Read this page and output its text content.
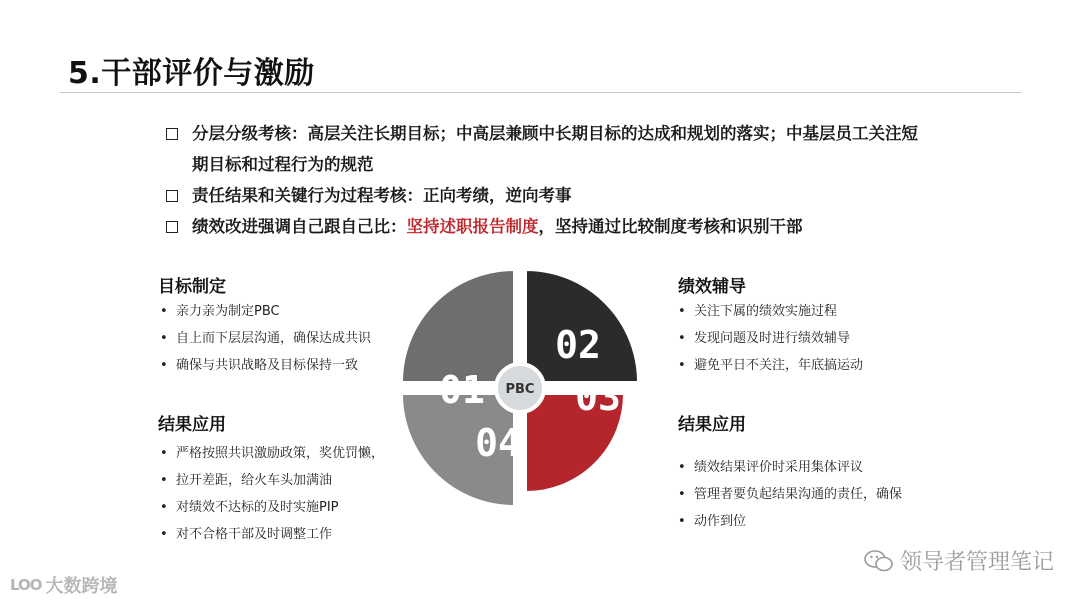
5.干部评价与激励
分层分级考核：高层关注长期目标；中高层兼顾中长期目标的达成和规划的落实；中基层员工关注短期目标和过程行为的规范
责任结果和关键行为过程考核：正向考绩，逆向考事
绩效改进强调自己跟自己比：坚持述职报告制度，坚持通过比较制度考核和识别干部
目标制定
• 亲力亲为制定PBC
• 自上而下层层沟通，确保达成共识
• 确保与共识战略及目标保持一致
结果应用
• 严格按照共识激励政策，奖优罚懒，
• 拉开差距，给火车头加满油
• 对绩效不达标的及时实施PIP
• 对不合格干部及时调整工作
绩效辅导
• 关注下属的绩效实施过程
• 发现问题及时进行绩效辅导
• 避免平日不关注，年底搞运动
结果应用
• 绩效结果评价时采用集体评议
• 管理者要负起结果沟通的责任，确保
• 动作到位
01
02
03
04
PBC
领导者管理笔记
LOO 大数跨境
